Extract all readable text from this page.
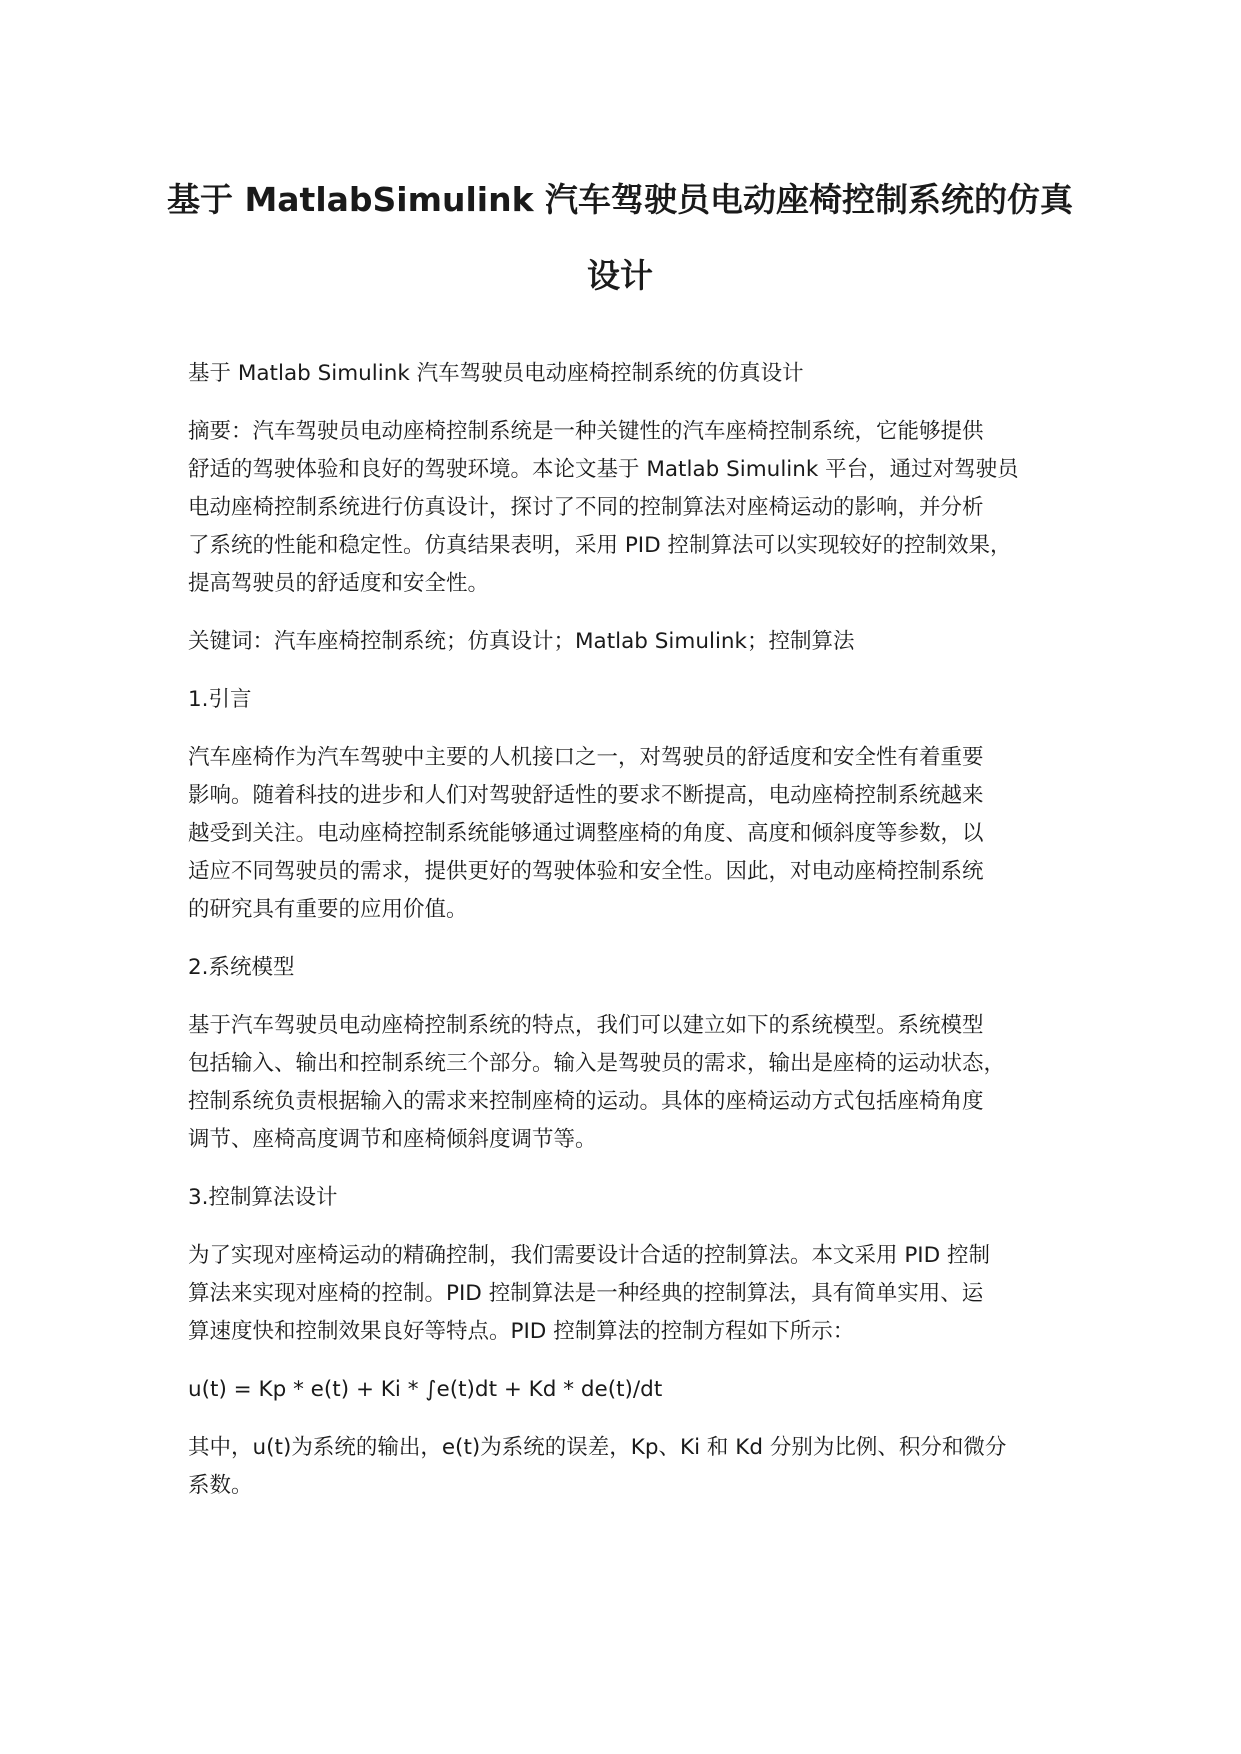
基于 MatlabSimulink 汽车驾驶员电动座椅控制系统的仿真
设计
基于 Matlab Simulink 汽车驾驶员电动座椅控制系统的仿真设计
摘要：汽车驾驶员电动座椅控制系统是一种关键性的汽车座椅控制系统，它能够提供
舒适的驾驶体验和良好的驾驶环境。本论文基于 Matlab Simulink 平台，通过对驾驶员
电动座椅控制系统进行仿真设计，探讨了不同的控制算法对座椅运动的影响，并分析
了系统的性能和稳定性。仿真结果表明，采用 PID 控制算法可以实现较好的控制效果，
提高驾驶员的舒适度和安全性。
关键词：汽车座椅控制系统；仿真设计；Matlab Simulink；控制算法
1.引言
汽车座椅作为汽车驾驶中主要的人机接口之一，对驾驶员的舒适度和安全性有着重要
影响。随着科技的进步和人们对驾驶舒适性的要求不断提高，电动座椅控制系统越来
越受到关注。电动座椅控制系统能够通过调整座椅的角度、高度和倾斜度等参数，以
适应不同驾驶员的需求，提供更好的驾驶体验和安全性。因此，对电动座椅控制系统
的研究具有重要的应用价值。
2.系统模型
基于汽车驾驶员电动座椅控制系统的特点，我们可以建立如下的系统模型。系统模型
包括输入、输出和控制系统三个部分。输入是驾驶员的需求，输出是座椅的运动状态，
控制系统负责根据输入的需求来控制座椅的运动。具体的座椅运动方式包括座椅角度
调节、座椅高度调节和座椅倾斜度调节等。
3.控制算法设计
为了实现对座椅运动的精确控制，我们需要设计合适的控制算法。本文采用 PID 控制
算法来实现对座椅的控制。PID 控制算法是一种经典的控制算法，具有简单实用、运
算速度快和控制效果良好等特点。PID 控制算法的控制方程如下所示：
u(t) = Kp * e(t) + Ki * ∫e(t)dt + Kd * de(t)/dt
其中，u(t)为系统的输出，e(t)为系统的误差，Kp、Ki 和 Kd 分别为比例、积分和微分
系数。
